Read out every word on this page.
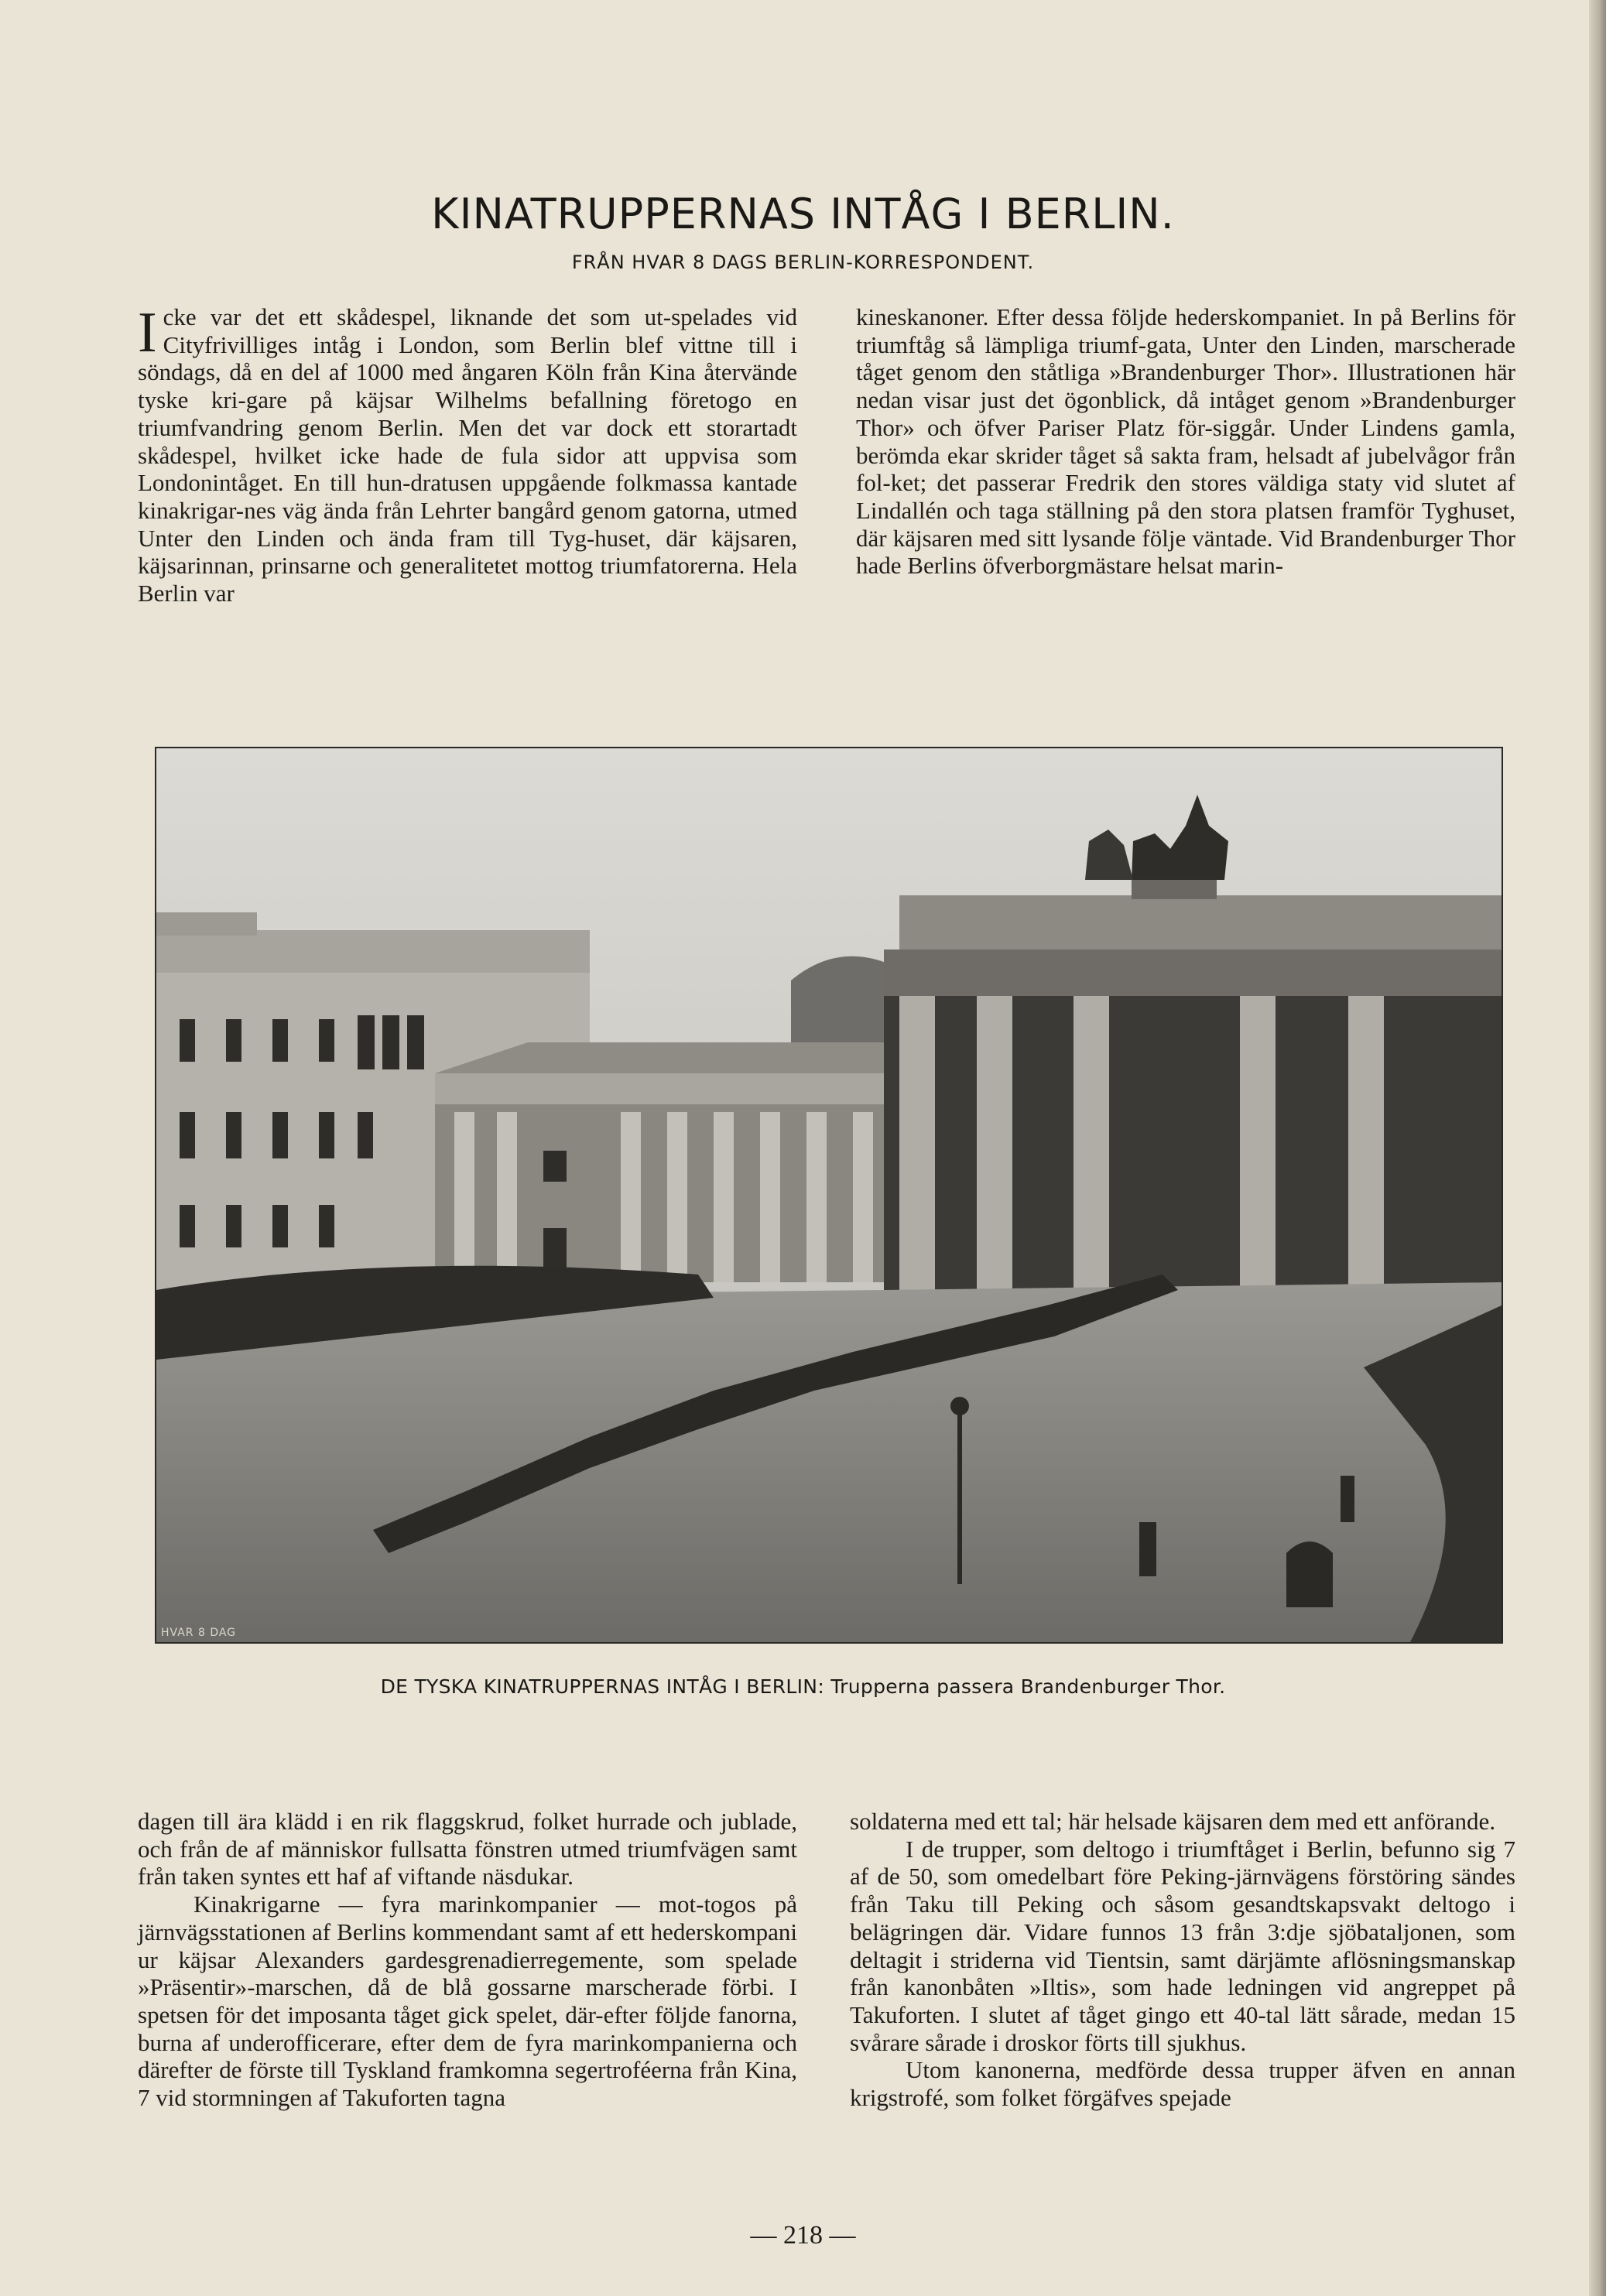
KINATRUPPERNAS INTÅG I BERLIN.
FRÅN HVAR 8 DAGS BERLIN-KORRESPONDENT.

Icke var det ett skådespel, liknande det som ut-spelades vid Cityfrivilliges intåg i London, som Berlin blef vittne till i söndags, då en del af 1000 med ångaren Köln från Kina återvände tyske kri-gare på käjsar Wilhelms befallning företogo en triumfvandring genom Berlin. Men det var dock ett storartadt skådespel, hvilket icke hade de fula sidor att uppvisa som Londonintåget. En till hun-dratusen uppgående folkmassa kantade kinakrigar-nes väg ända från Lehrter bangård genom gatorna, utmed Unter den Linden och ända fram till Tyg-huset, där käjsaren, käjsarinnan, prinsarne och generalitetet mottog triumfatorerna. Hela Berlin var

kineskanoner. Efter dessa följde hederskompaniet. In på Berlins för triumftåg så lämpliga triumf-gata, Unter den Linden, marscherade tåget genom den ståtliga »Brandenburger Thor». Illustrationen här nedan visar just det ögonblick, då intåget genom »Brandenburger Thor» och öfver Pariser Platz för-siggår. Under Lindens gamla, berömda ekar skrider tåget så sakta fram, helsadt af jubelvågor från fol-ket; det passerar Fredrik den stores väldiga staty vid slutet af Lindallén och taga ställning på den stora platsen framför Tyghuset, där käjsaren med sitt lysande följe väntade. Vid Brandenburger Thor hade Berlins öfverborgmästare helsat marin-

HVAR 8 DAG
DE TYSKA KINATRUPPERNAS INTÅG I BERLIN: Trupperna passera Brandenburger Thor.

dagen till ära klädd i en rik flaggskrud, folket hurrade och jublade, och från de af människor fullsatta fönstren utmed triumfvägen samt från taken syntes ett haf af viftande näsdukar.

Kinakrigarne — fyra marinkompanier — mot-togos på järnvägsstationen af Berlins kommendant samt af ett hederskompani ur käjsar Alexanders gardesgrenadierregemente, som spelade »Präsentir»-marschen, då de blå gossarne marscherade förbi. I spetsen för det imposanta tåget gick spelet, där-efter följde fanorna, burna af underofficerare, efter dem de fyra marinkompanierna och därefter de förste till Tyskland framkomna segertroféerna från Kina, 7 vid stormningen af Takuforten tagna

soldaterna med ett tal; här helsade käjsaren dem med ett anförande.

I de trupper, som deltogo i triumftåget i Berlin, befunno sig 7 af de 50, som omedelbart före Peking-järnvägens förstöring sändes från Taku till Peking och såsom gesandtskapsvakt deltogo i belägringen där. Vidare funnos 13 från 3:dje sjöbataljonen, som deltagit i striderna vid Tientsin, samt därjämte aflösningsmanskap från kanonbåten »Iltis», som hade ledningen vid angreppet på Takuforten. I slutet af tåget gingo ett 40-tal lätt sårade, medan 15 svårare sårade i droskor förts till sjukhus.

Utom kanonerna, medförde dessa trupper äfven en annan krigstrofé, som folket förgäfves spejade

— 218 —
